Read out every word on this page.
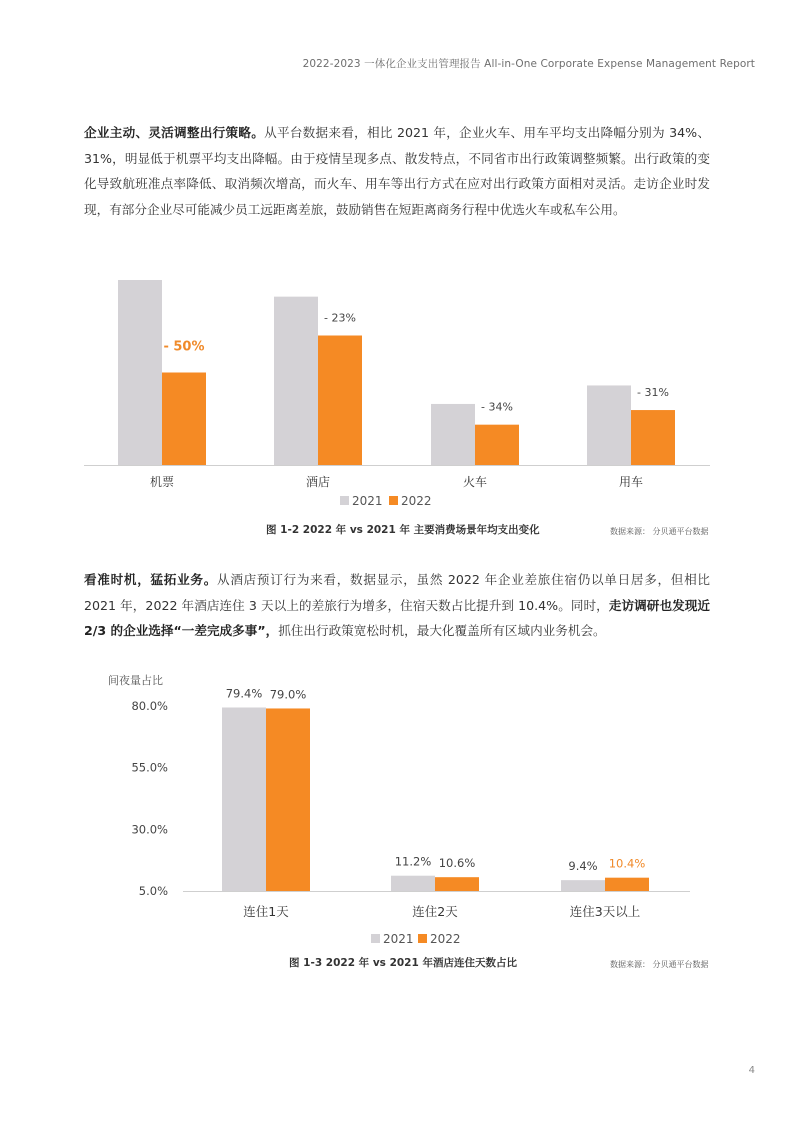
2022-2023 一体化企业支出管理报告 All-in-One Corporate Expense Management Report

企业主动、灵活调整出行策略。从平台数据来看，相比 2021 年，企业火车、用车平均支出降幅分别为 34%、31%，明显低于机票平均支出降幅。由于疫情呈现多点、散发特点，不同省市出行政策调整频繁。出行政策的变化导致航班准点率降低、取消频次增高，而火车、用车等出行方式在应对出行政策方面相对灵活。走访企业时发现，有部分企业尽可能减少员工远距离差旅，鼓励销售在短距离商务行程中优选火车或私车公用。

- 50%
机票
- 23%
酒店
- 34%
火车
- 31%
用车
2021 2022
图 1-2 2022 年 vs 2021 年 主要消费场景年均支出变化	数据来源： 分贝通平台数据

看准时机，猛拓业务。从酒店预订行为来看，数据显示，虽然 2022 年企业差旅住宿仍以单日居多，但相比 2021 年，2022 年酒店连住 3 天以上的差旅行为增多，住宿天数占比提升到 10.4%。同时，走访调研也发现近 2/3 的企业选择“一差完成多事”，抓住出行政策宽松时机，最大化覆盖所有区域内业务机会。

间夜量占比
5.0%
30.0%
55.0%
80.0%
79.4% 79.0%
连住1天
11.2% 10.6%
连住2天
9.4% 10.4%
连住3天以上
2021 2022
图 1-3 2022 年 vs 2021 年酒店连住天数占比	数据来源： 分贝通平台数据
4
